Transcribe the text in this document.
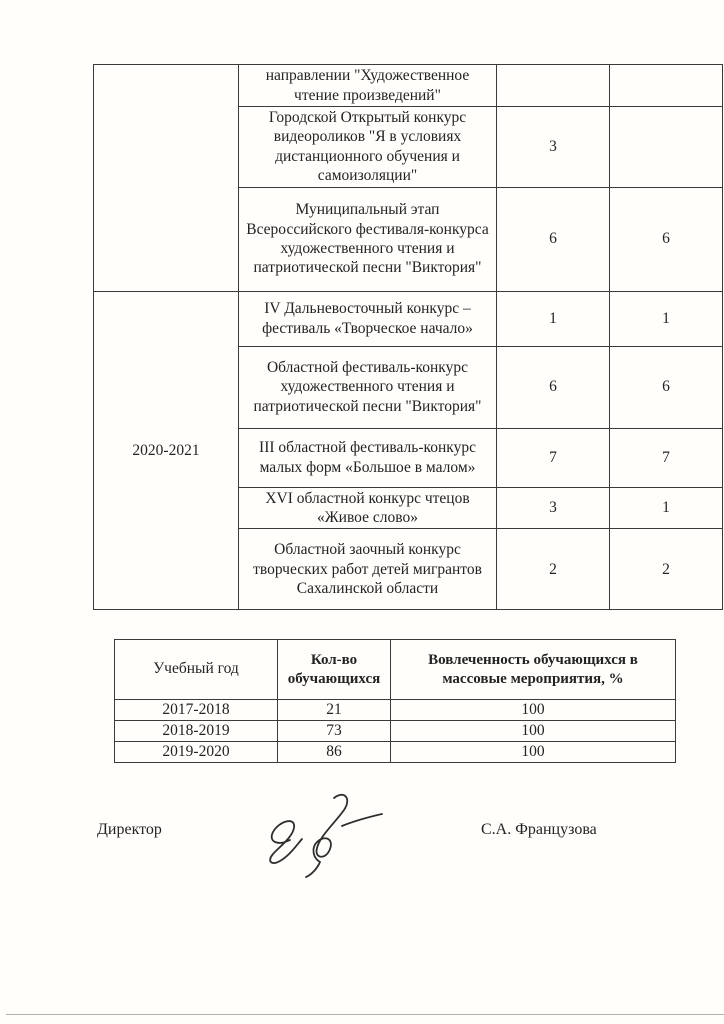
	направлении "Художественное чтение произведений"		
	Городской Открытый конкурс видеороликов "Я в условиях дистанционного обучения и самоизоляции"	3	
	Муниципальный этап Всероссийского фестиваля-конкурса художественного чтения и патриотической песни "Виктория"	6	6
2020-2021	IV Дальневосточный конкурс – фестиваль «Творческое начало»	1	1
	Областной фестиваль-конкурс художественного чтения и патриотической песни "Виктория"	6	6
	III областной фестиваль-конкурс малых форм «Большое в малом»	7	7
	XVI областной конкурс чтецов «Живое слово»	3	1
	Областной заочный конкурс творческих работ детей мигрантов Сахалинской области	2	2
Учебный год	Кол-во обучающихся	Вовлеченность обучающихся в массовые мероприятия, %
2017-2018	21	100
2018-2019	73	100
2019-2020	86	100
Директор	С.А. Французова
